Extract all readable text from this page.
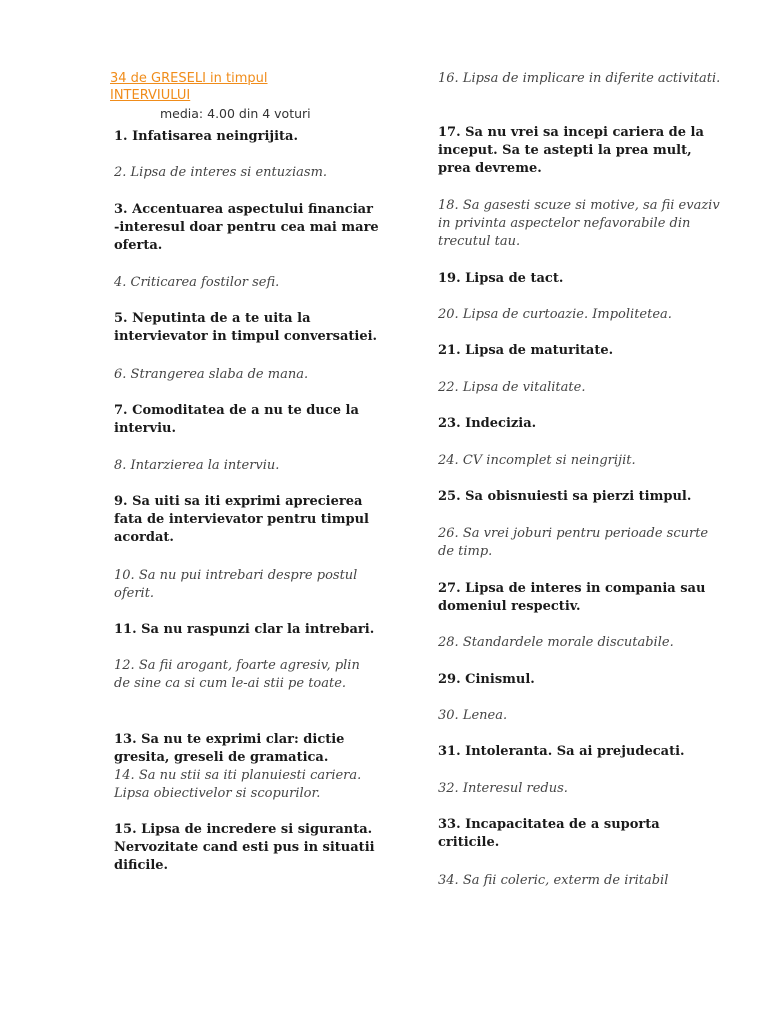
34 de GRESELI in timpul INTERVIULUI
media: 4.00 din 4 voturi

1. Infatisarea neingrijita.

2. Lipsa de interes si entuziasm.

3. Accentuarea aspectului financiar -interesul doar pentru cea mai mare oferta.

4. Criticarea fostilor sefi.

5. Neputinta de a te uita la intervievator in timpul conversatiei.

6. Strangerea slaba de mana.

7. Comoditatea de a nu te duce la interviu.

8. Intarzierea la interviu.

9. Sa uiti sa iti exprimi aprecierea fata de intervievator pentru timpul acordat.

10. Sa nu pui intrebari despre postul oferit.

11. Sa nu raspunzi clar la intrebari.

12. Sa fii arogant, foarte agresiv, plin de sine ca si cum le-ai stii pe toate.

13. Sa nu te exprimi clar: dictie gresita, greseli de gramatica.

14. Sa nu stii sa iti planuiesti cariera. Lipsa obiectivelor si scopurilor.

15. Lipsa de incredere si siguranta. Nervozitate cand esti pus in situatii dificile.

16. Lipsa de implicare in diferite activitati.

17. Sa nu vrei sa incepi cariera de la inceput. Sa te astepti la prea mult, prea devreme.

18. Sa gasesti scuze si motive, sa fii evaziv in privinta aspectelor nefavorabile din trecutul tau.

19. Lipsa de tact.

20. Lipsa de curtoazie. Impolitetea.

21. Lipsa de maturitate.

22. Lipsa de vitalitate.

23. Indecizia.

24. CV incomplet si neingrijit.

25. Sa obisnuiesti sa pierzi timpul.

26. Sa vrei joburi pentru perioade scurte de timp.

27. Lipsa de interes in compania sau domeniul respectiv.

28. Standardele morale discutabile.

29. Cinismul.

30. Lenea.

31. Intoleranta. Sa ai prejudecati.

32. Interesul redus.

33. Incapacitatea de a suporta criticile.

34. Sa fii coleric, exterm de iritabil
